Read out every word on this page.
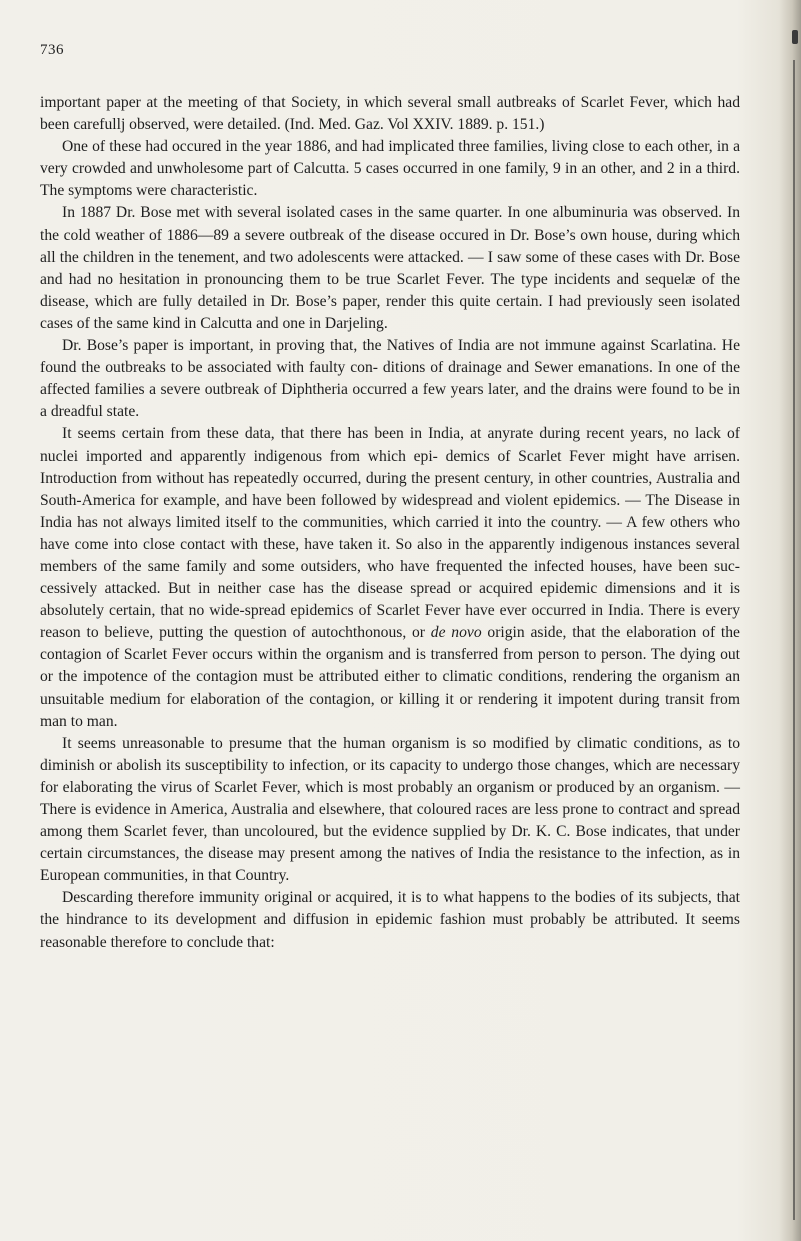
736

important paper at the meeting of that Society, in which several small autbreaks of Scarlet Fever, which had been carefullj observed, were detailed. (Ind. Med. Gaz. Vol XXIV. 1889. p. 151.)

One of these had occured in the year 1886, and had implicated three families, living close to each other, in a very crowded and unwholesome part of Calcutta. 5 cases occurred in one family, 9 in an other, and 2 in a third. The symptoms were characteristic.

In 1887 Dr. Bose met with several isolated cases in the same quarter. In one albuminuria was observed. In the cold weather of 1886—89 a severe outbreak of the disease occured in Dr. Bose’s own house, during which all the children in the tenement, and two adolescents were attacked. — I saw some of these cases with Dr. Bose and had no hesitation in pronouncing them to be true Scarlet Fever. The type incidents and sequelæ of the disease, which are fully detailed in Dr. Bose’s paper, render this quite certain. I had previously seen isolated cases of the same kind in Calcutta and one in Darjeling.

Dr. Bose’s paper is important, in proving that, the Natives of India are not immune against Scarlatina. He found the outbreaks to be associated with faulty con- ditions of drainage and Sewer emanations. In one of the affected families a severe outbreak of Diphtheria occurred a few years later, and the drains were found to be in a dreadful state.

It seems certain from these data, that there has been in India, at anyrate during recent years, no lack of nuclei imported and apparently indigenous from which epi- demics of Scarlet Fever might have arrisen. Introduction from without has repeatedly occurred, during the present century, in other countries, Australia and South-America for example, and have been followed by widespread and violent epidemics. — The Disease in India has not always limited itself to the communities, which carried it into the country. — A few others who have come into close contact with these, have taken it. So also in the apparently indigenous instances several members of the same family and some outsiders, who have frequented the infected houses, have been suc- cessively attacked. But in neither case has the disease spread or acquired epidemic dimensions and it is absolutely certain, that no wide-spread epidemics of Scarlet Fever have ever occurred in India. There is every reason to believe, putting the question of autochthonous, or de novo origin aside, that the elaboration of the contagion of Scarlet Fever occurs within the organism and is transferred from person to person. The dying out or the impotence of the contagion must be attributed either to climatic conditions, rendering the organism an unsuitable medium for elaboration of the contagion, or killing it or rendering it impotent during transit from man to man.

It seems unreasonable to presume that the human organism is so modified by climatic conditions, as to diminish or abolish its susceptibility to infection, or its capacity to undergo those changes, which are necessary for elaborating the virus of Scarlet Fever, which is most probably an organism or produced by an organism. — There is evidence in America, Australia and elsewhere, that coloured races are less prone to contract and spread among them Scarlet fever, than uncoloured, but the evidence supplied by Dr. K. C. Bose indicates, that under certain circumstances, the disease may present among the natives of India the resistance to the infection, as in European communities, in that Country.

Descarding therefore immunity original or acquired, it is to what happens to the bodies of its subjects, that the hindrance to its development and diffusion in epidemic fashion must probably be attributed. It seems reasonable therefore to conclude that:
